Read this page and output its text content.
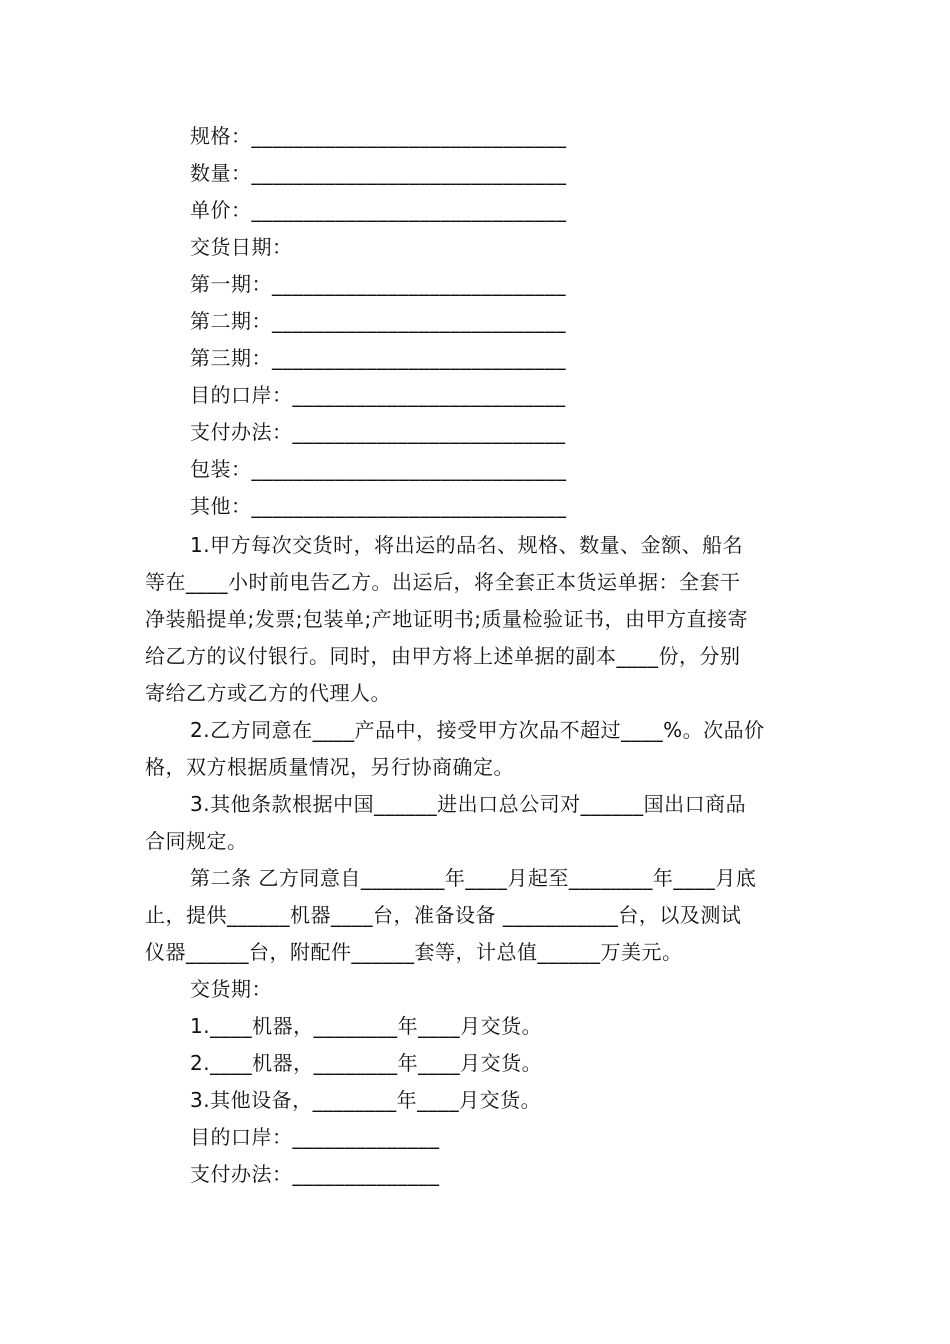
规格：______________________________
数量：______________________________
单价：______________________________
交货日期：
第一期：____________________________
第二期：____________________________
第三期：____________________________
目的口岸：__________________________
支付办法：__________________________
包装：______________________________
其他：______________________________
1.甲方每次交货时，将出运的品名、规格、数量、金额、船名
等在____小时前电告乙方。出运后，将全套正本货运单据：全套干
净装船提单;发票;包装单;产地证明书;质量检验证书，由甲方直接寄
给乙方的议付银行。同时，由甲方将上述单据的副本____份，分别
寄给乙方或乙方的代理人。
2.乙方同意在____产品中，接受甲方次品不超过____%。次品价
格，双方根据质量情况，另行协商确定。
3.其他条款根据中国______进出口总公司对______国出口商品
合同规定。
第二条 乙方同意自________年____月起至________年____月底
止，提供______机器____台，准备设备 ___________台，以及测试
仪器______台，附配件______套等，计总值______万美元。
交货期：
1.____机器，________年____月交货。
2.____机器，________年____月交货。
3.其他设备，________年____月交货。
目的口岸：______________
支付办法：______________
